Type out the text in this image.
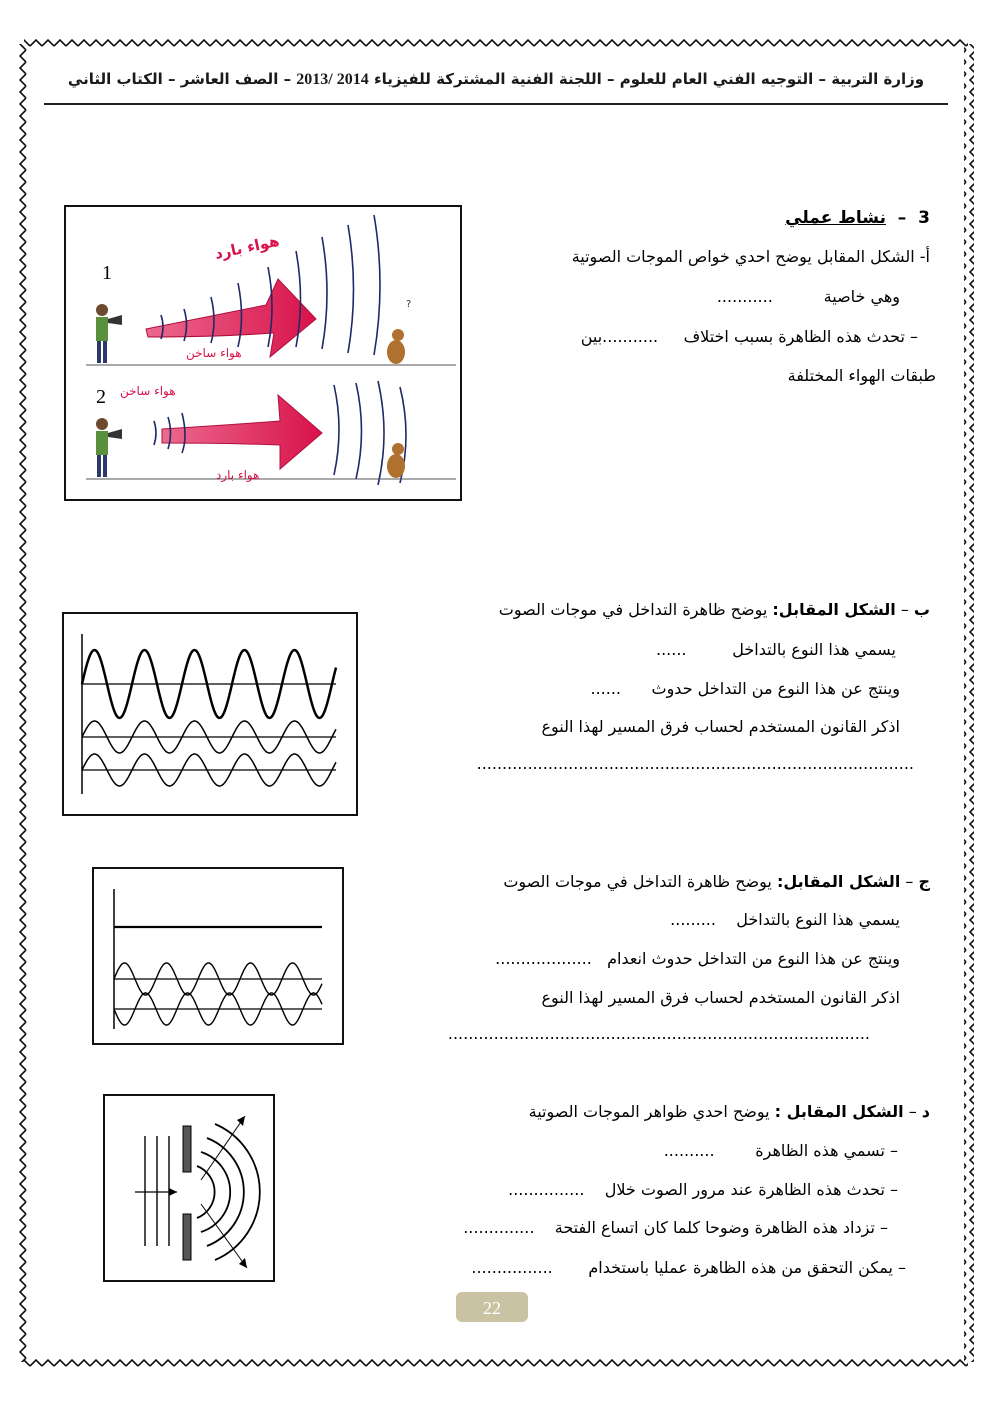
وزارة التربية – التوجيه الفني العام للعلوم – اللجنة الفنية المشتركة للفيزياء 2013/ 2014 – الصف العاشر – الكتاب الثاني
3  –  نشاط عملي
أ- الشكل المقابل يوضح احدي خواص الموجات الصوتية
وهي خاصية          ...........
– تحدث هذه الظاهرة بسبب اختلاف     ...........بين
طبقات الهواء المختلفة
هواء بارد
هواء ساخن
1
?
هواء ساخن
هواء بارد
2
ب – الشكل المقابل: يوضح ظاهرة التداخل في موجات الصوت
يسمي هذا النوع بالتداخل         ......
وينتج عن هذا النوع من التداخل حدوث      ......
اذكر القانون المستخدم لحساب فرق المسير لهذا النوع
......................................................................................
ج – الشكل المقابل: يوضح ظاهرة التداخل في موجات الصوت
يسمي هذا النوع بالتداخل    .........
وينتج عن هذا النوع من التداخل حدوث انعدام   ...................
اذكر القانون المستخدم لحساب فرق المسير لهذا النوع
...................................................................................
د – الشكل المقابل : يوضح احدي ظواهر الموجات الصوتية
– تسمي هذه الظاهرة        ..........
– تحدث هذه الظاهرة عند مرور الصوت خلال    ...............
– تزداد هذه الظاهرة وضوحا كلما كان اتساع الفتحة    ..............
– يمكن التحقق من هذه الظاهرة عمليا باستخدام       ................
22
